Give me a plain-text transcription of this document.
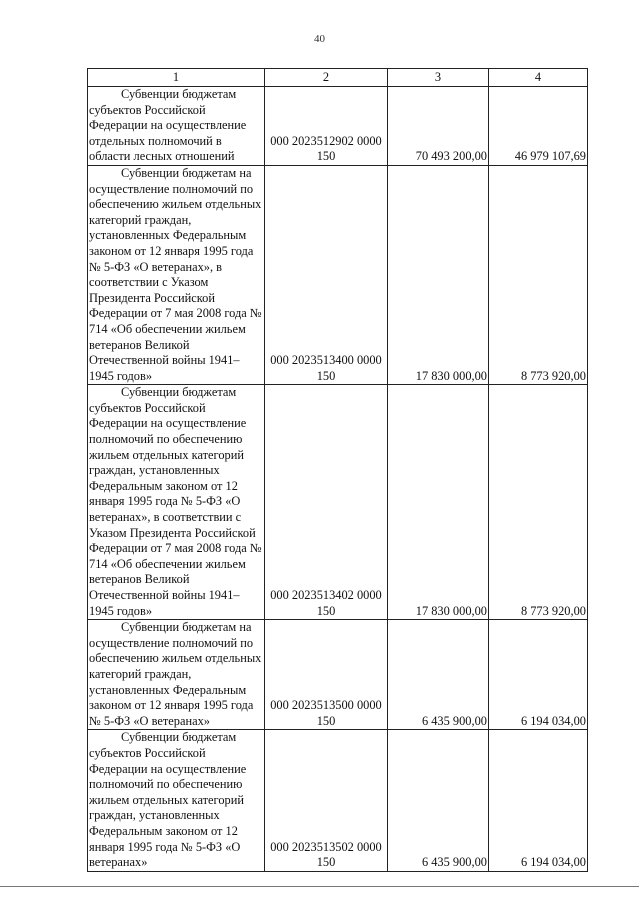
40
1	2	3	4

Субвенции бюджетам субъектов Российской Федерации на осуществление отдельных полномочий в области лесных отношений	000 2023512902 0000 150	70 493 200,00	46 979 107,69

Субвенции бюджетам на осуществление полномочий по обеспечению жильем отдельных категорий граждан, установленных Федеральным законом от 12 января 1995 года № 5-ФЗ «О ветеранах», в соответствии с Указом Президента Российской Федерации от 7 мая 2008 года № 714 «Об обеспечении жильем ветеранов Великой Отечественной войны 1941–1945 годов»	000 2023513400 0000 150	17 830 000,00	8 773 920,00

Субвенции бюджетам субъектов Российской Федерации на осуществление полномочий по обеспечению жильем отдельных категорий граждан, установленных Федеральным законом от 12 января 1995 года № 5-ФЗ «О ветеранах», в соответствии с Указом Президента Российской Федерации от 7 мая 2008 года № 714 «Об обеспечении жильем ветеранов Великой Отечественной войны 1941–1945 годов»	000 2023513402 0000 150	17 830 000,00	8 773 920,00

Субвенции бюджетам на осуществление полномочий по обеспечению жильем отдельных категорий граждан, установленных Федеральным законом от 12 января 1995 года № 5-ФЗ «О ветеранах»	000 2023513500 0000 150	6 435 900,00	6 194 034,00

Субвенции бюджетам субъектов Российской Федерации на осуществление полномочий по обеспечению жильем отдельных категорий граждан, установленных Федеральным законом от 12 января 1995 года № 5-ФЗ «О ветеранах»	000 2023513502 0000 150	6 435 900,00	6 194 034,00
